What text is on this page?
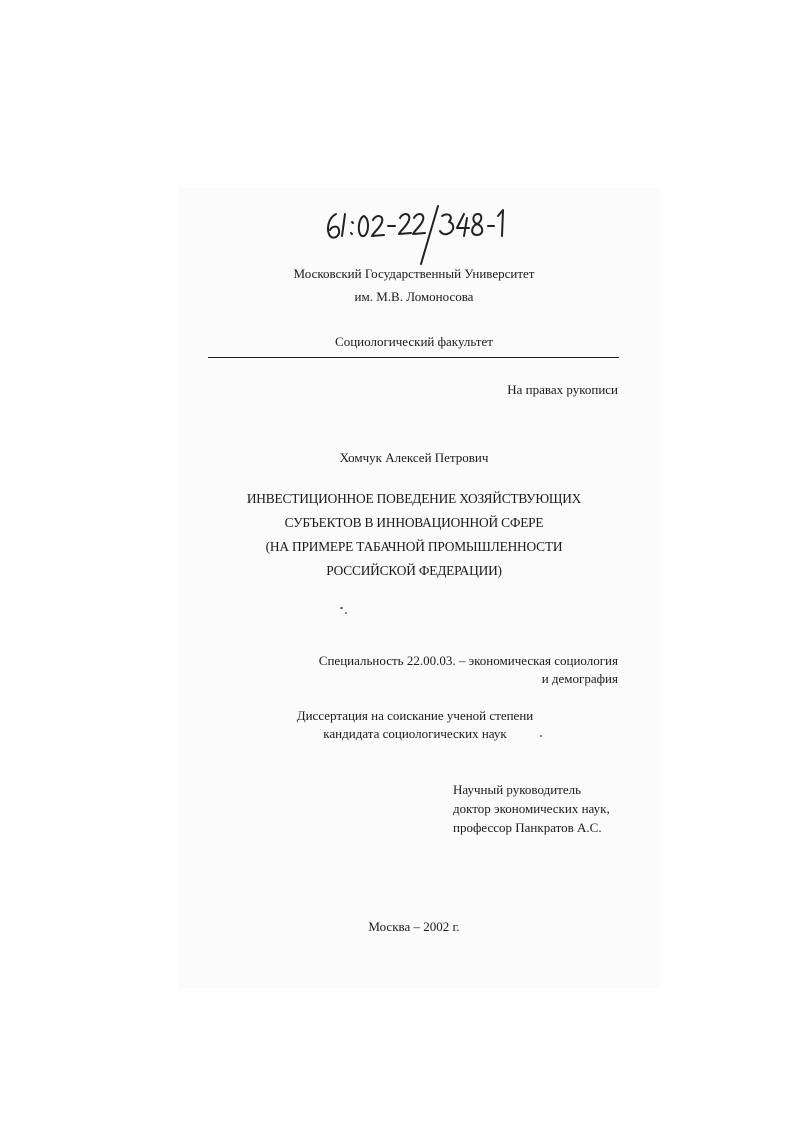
Московский Государственный Университет
им. М.В. Ломоносова
Социологический факультет
На правах рукописи
Хомчук Алексей Петрович
ИНВЕСТИЦИОННОЕ ПОВЕДЕНИЕ ХОЗЯЙСТВУЮЩИХ
СУБЪЕКТОВ В ИННОВАЦИОННОЙ СФЕРЕ
(НА ПРИМЕРЕ ТАБАЧНОЙ ПРОМЫШЛЕННОСТИ
РОССИЙСКОЙ ФЕДЕРАЦИИ)
Специальность 22.00.03. – экономическая социология
и демография
Диссертация на соискание ученой степени
кандидата социологических наук
Научный руководитель
доктор экономических наук,
профессор Панкратов А.С.
Москва – 2002 г.
